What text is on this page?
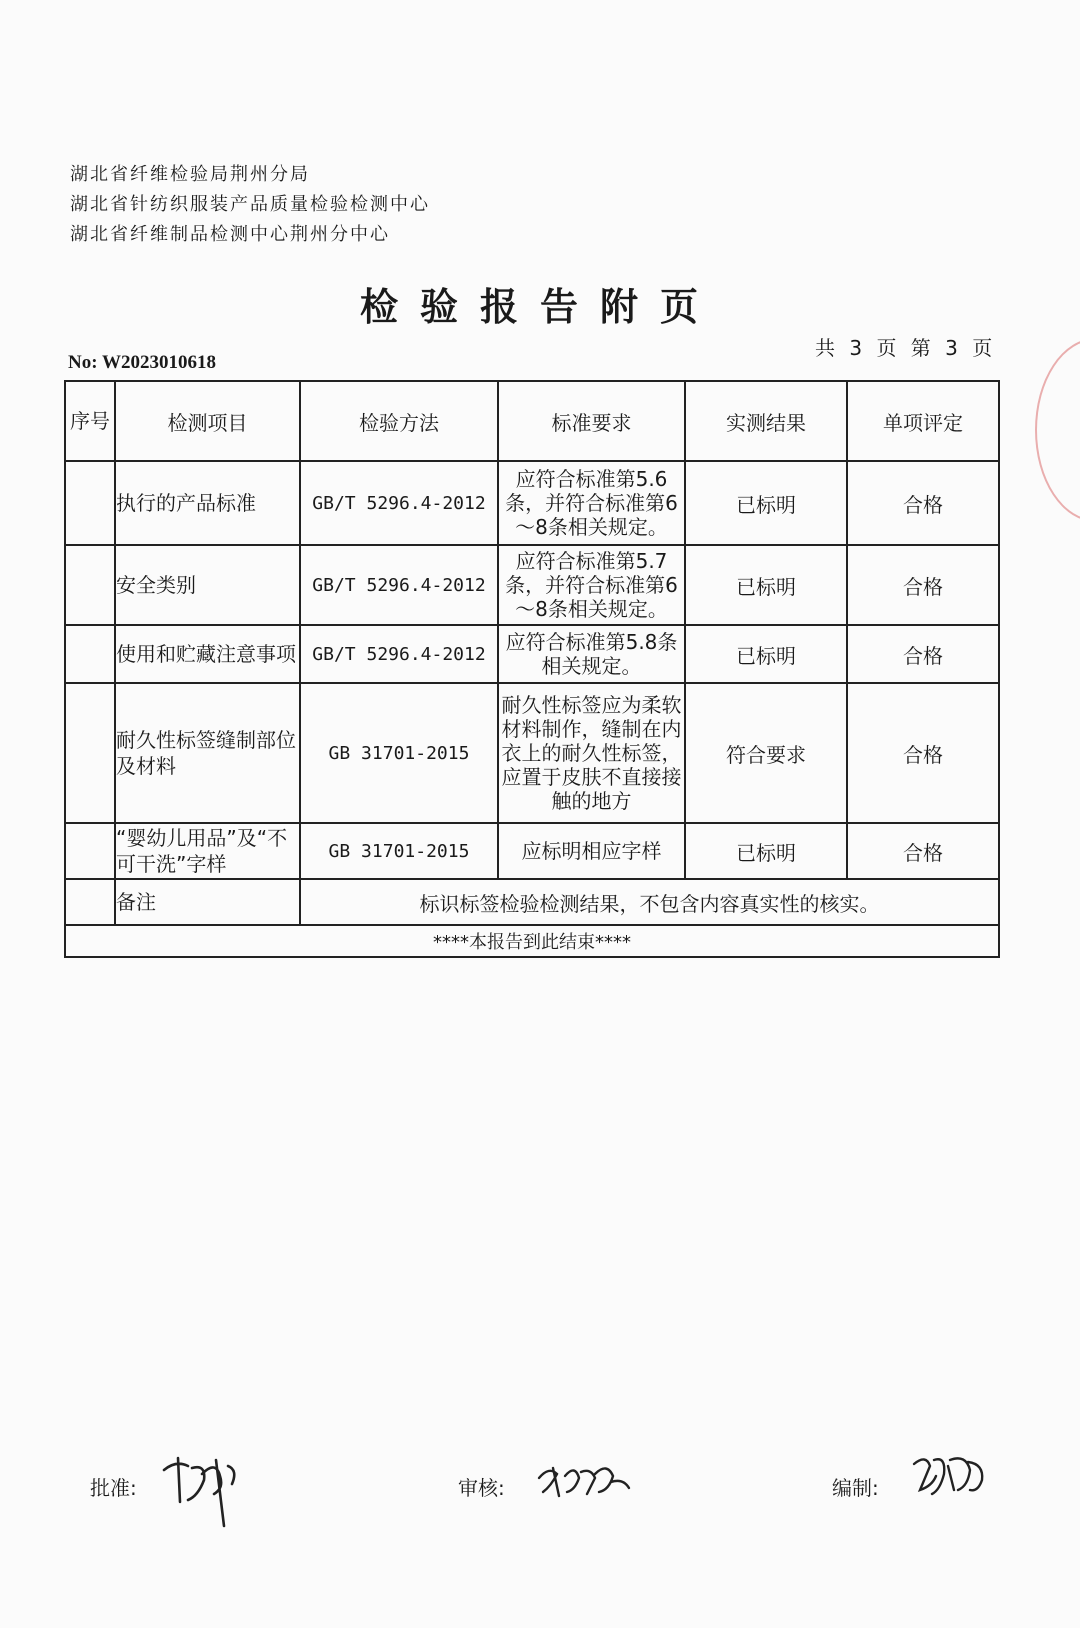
湖北省纤维检验局荆州分局
湖北省针纺织服装产品质量检验检测中心
湖北省纤维制品检测中心荆州分中心
检验报告附页
共 3 页 第 3 页
No: W2023010618
序号	检测项目	检验方法	标准要求	实测结果	单项评定
	执行的产品标准	GB/T 5296.4-2012	应符合标准第5.6条，并符合标准第6～8条相关规定。	已标明	合格
	安全类别	GB/T 5296.4-2012	应符合标准第5.7条，并符合标准第6～8条相关规定。	已标明	合格
	使用和贮藏注意事项	GB/T 5296.4-2012	应符合标准第5.8条相关规定。	已标明	合格
	耐久性标签缝制部位及材料	GB 31701-2015	耐久性标签应为柔软材料制作，缝制在内衣上的耐久性标签，应置于皮肤不直接接触的地方	符合要求	合格
	“婴幼儿用品”及“不可干洗”字样	GB 31701-2015	应标明相应字样	已标明	合格
	备注	标识标签检验检测结果，不包含内容真实性的核实。			
****本报告到此结束****					
批准:	审核:	编制:
